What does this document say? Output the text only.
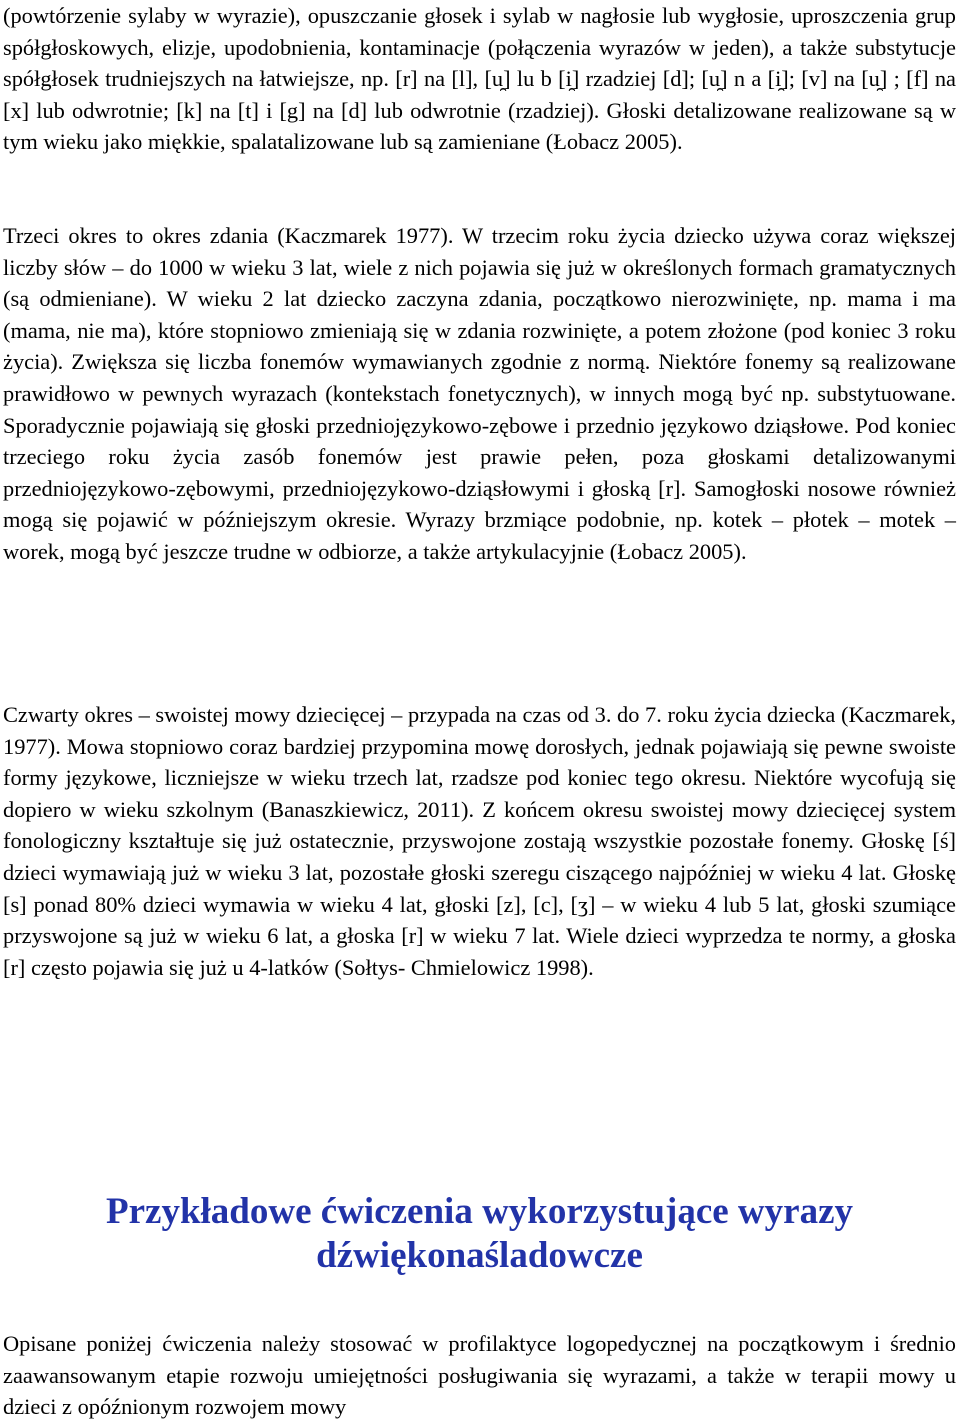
(powtórzenie sylaby w wyrazie), opuszczanie głosek i sylab w nagłosie lub wygłosie, uproszczenia grup spółgłoskowych, elizje, upodobnienia, kontaminacje (połączenia wyrazów w jeden), a także substytucje spółgłosek trudniejszych na łatwiejsze, np. [r] na [l], [u̯] lu b [i̯] rzadziej [d]; [u̯] n a [i̯]; [v] na [u̯] ; [f] na [x] lub odwrotnie; [k] na [t] i [g] na [d] lub odwrotnie (rzadziej). Głoski detalizowane realizowane są w tym wieku jako miękkie, spalatalizowane lub są zamieniane (Łobacz 2005).

Trzeci okres to okres zdania (Kaczmarek 1977). W trzecim roku życia dziecko używa coraz większej liczby słów – do 1000 w wieku 3 lat, wiele z nich pojawia się już w określonych formach gramatycznych (są odmieniane). W wieku 2 lat dziecko zaczyna zdania, początkowo nierozwinięte, np. mama i ma (mama, nie ma), które stopniowo zmieniają się w zdania rozwinięte, a potem złożone (pod koniec 3 roku życia). Zwiększa się liczba fonemów wymawianych zgodnie z normą. Niektóre fonemy są realizowane prawidłowo w pewnych wyrazach (kontekstach fonetycznych), w innych mogą być np. substytuowane. Sporadycznie pojawiają się głoski przedniojęzykowo-zębowe i przednio językowo dziąsłowe. Pod koniec trzeciego roku życia zasób fonemów jest prawie pełen, poza głoskami detalizowanymi przedniojęzykowo-zębowymi, przedniojęzykowo-dziąsłowymi i głoską [r]. Samogłoski nosowe również mogą się pojawić w późniejszym okresie. Wyrazy brzmiące podobnie, np. kotek – płotek – motek – worek, mogą być jeszcze trudne w odbiorze, a także artykulacyjnie (Łobacz 2005).

Czwarty okres – swoistej mowy dziecięcej – przypada na czas od 3. do 7. roku życia dziecka (Kaczmarek, 1977). Mowa stopniowo coraz bardziej przypomina mowę dorosłych, jednak pojawiają się pewne swoiste formy językowe, liczniejsze w wieku trzech lat, rzadsze pod koniec tego okresu. Niektóre wycofują się dopiero w wieku szkolnym (Banaszkiewicz, 2011). Z końcem okresu swoistej mowy dziecięcej system fonologiczny kształtuje się już ostatecznie, przyswojone zostają wszystkie pozostałe fonemy. Głoskę [ś] dzieci wymawiają już w wieku 3 lat, pozostałe głoski szeregu ciszącego najpóźniej w wieku 4 lat. Głoskę [s] ponad 80% dzieci wymawia w wieku 4 lat, głoski [z], [c], [ʒ] – w wieku 4 lub 5 lat, głoski szumiące przyswojone są już w wieku 6 lat, a głoska [r] w wieku 7 lat. Wiele dzieci wyprzedza te normy, a głoska [r] często pojawia się już u 4-latków (Sołtys- Chmielowicz 1998).

Przykładowe ćwiczenia wykorzystujące wyrazy dźwiękonaśladowcze

Opisane poniżej ćwiczenia należy stosować w profilaktyce logopedycznej na początkowym i średnio zaawansowanym etapie rozwoju umiejętności posługiwania się wyrazami, a także w terapii mowy u dzieci z opóźnionym rozwojem mowy
